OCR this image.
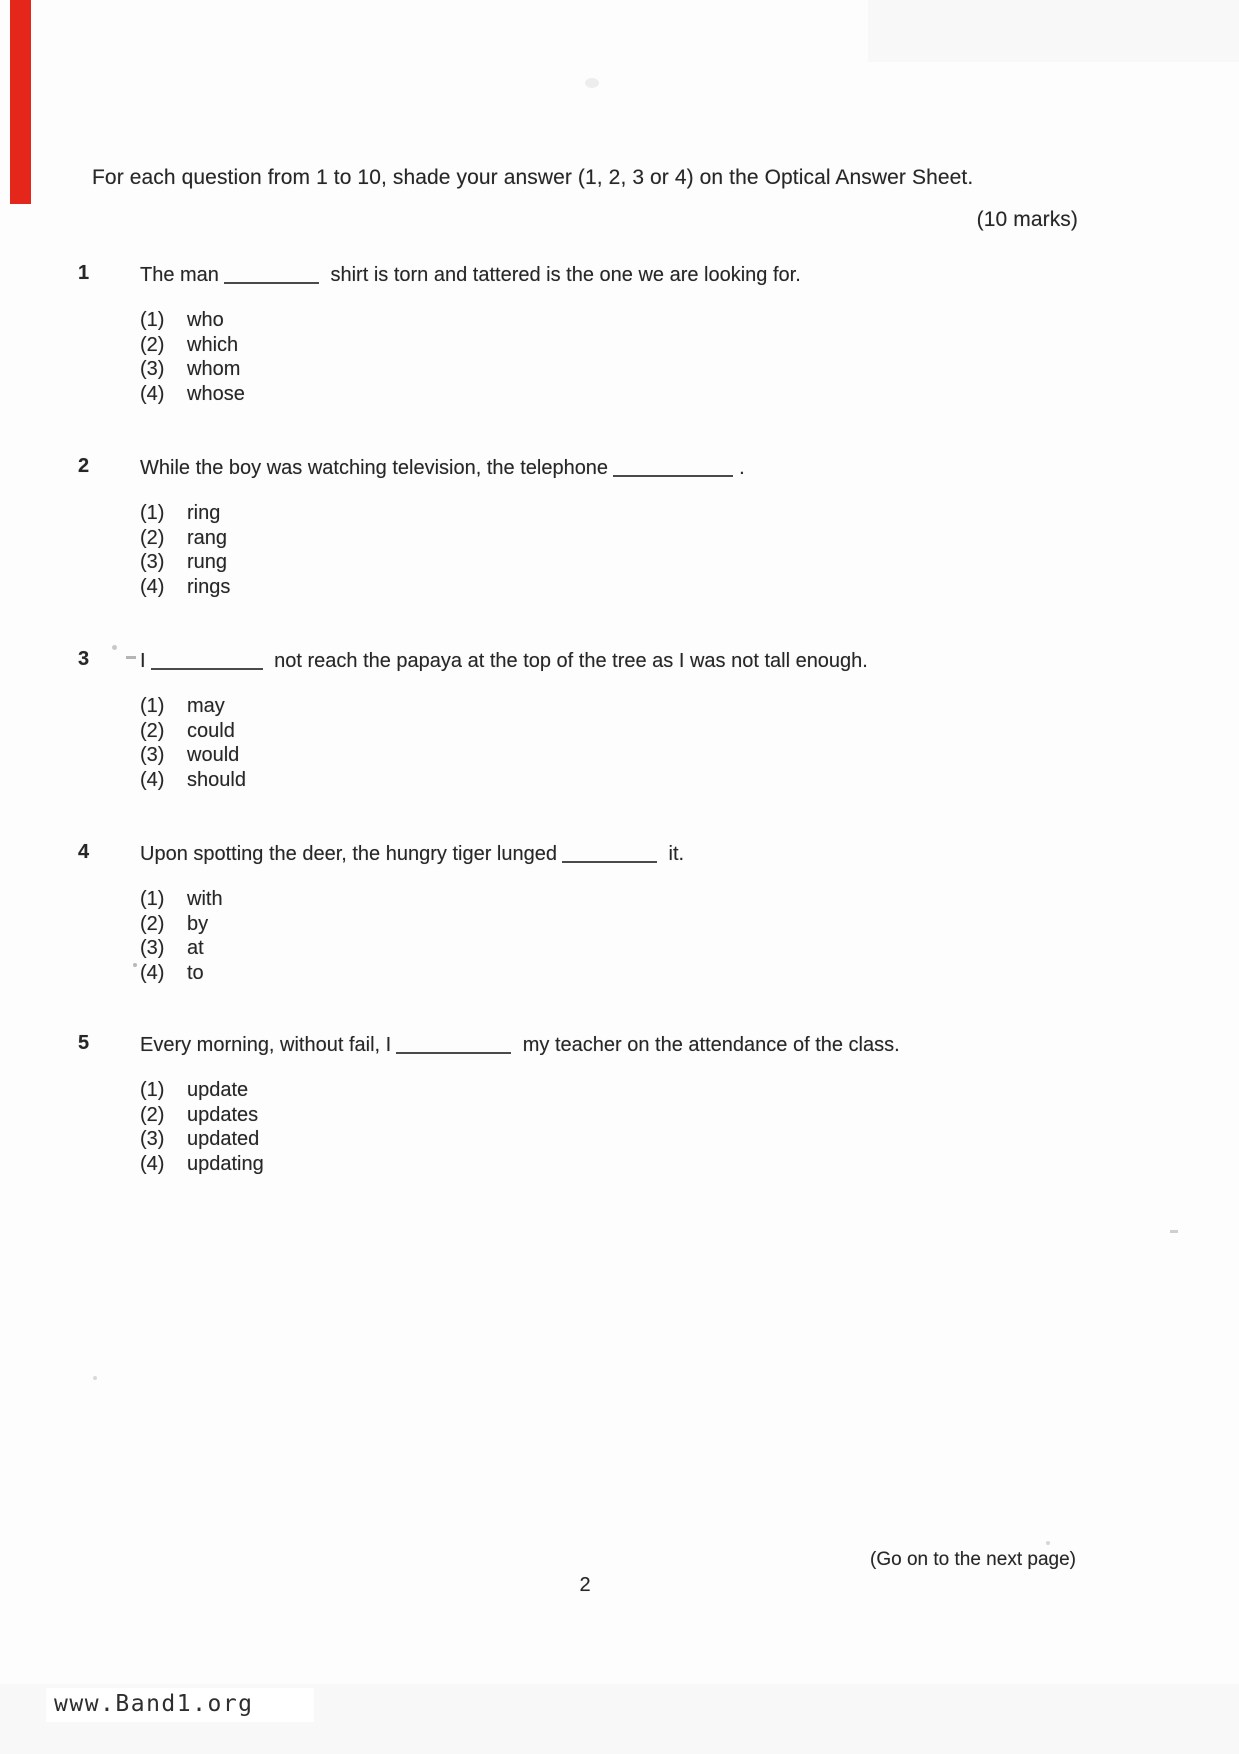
For each question from 1 to 10, shade your answer (1, 2, 3 or 4) on the Optical Answer Sheet.
(10 marks)
1	The man	shirt is torn and tattered is the one we are looking for.
(1) who
(2) which
(3) whom
(4) whose
2	While the boy was watching television, the telephone	.
(1) ring
(2) rang
(3) rung
(4) rings
3	I	not reach the papaya at the top of the tree as I was not tall enough.
(1) may
(2) could
(3) would
(4) should
4	Upon spotting the deer, the hungry tiger lunged	it.
(1) with
(2) by
(3) at
(4) to
5	Every morning, without fail, I	my teacher on the attendance of the class.
(1) update
(2) updates
(3) updated
(4) updating
(Go on to the next page)
2
www.Band1.org
